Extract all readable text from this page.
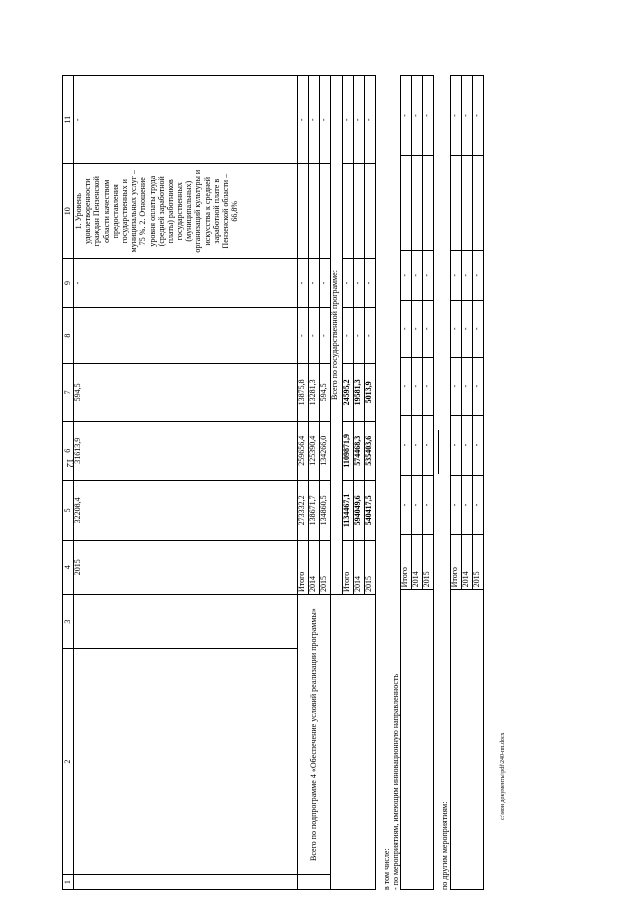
12
c:\мои документы\pdf\240-пп.docx
1	2	3	4	5	6	7	8	9	10	11
			2015	32208,4	31613,9	594,5		-	1. Уровень удовлетворенности граждан Пензенской области качеством предоставления государственных и муниципальных услуг – 75 %. 2. Отношение уровня оплаты труда (средней заработной платы) работников государственных (муниципальных) организаций культуры и искусства к средней заработной плате в Пензенской области – 66,8%	-
	Всего по подпрограмме 4 «Обеспечение условий реализации программы»		Итого	273332,2	259656,4	13875,8	-	-		-
			2014	138671,7	125390,4	13281,3	-	-		-
			2015	134860,5	134266,0	594,5	-	-		-
			Всего по государственной программе:							
			Итого	1134467,1	1109871,9	24595,2	-	-		-
			2014	594049,6	574468,3	19581,3	-	-		-
			2015	540417,5	535403,6	5013,9	-	-		-
в том числе: - по мероприятиям, имеющим инновационную направленность
	Итого	-	-	-	-	-		-
	2014	-	-	-	-	-		-
	2015	-	-	-	-	-		-
по другим мероприятиям:
	Итого	-	-	-	-	-		-
	2014	-	-	-	-	-		-
	2015	-	-	-	-	-		-
